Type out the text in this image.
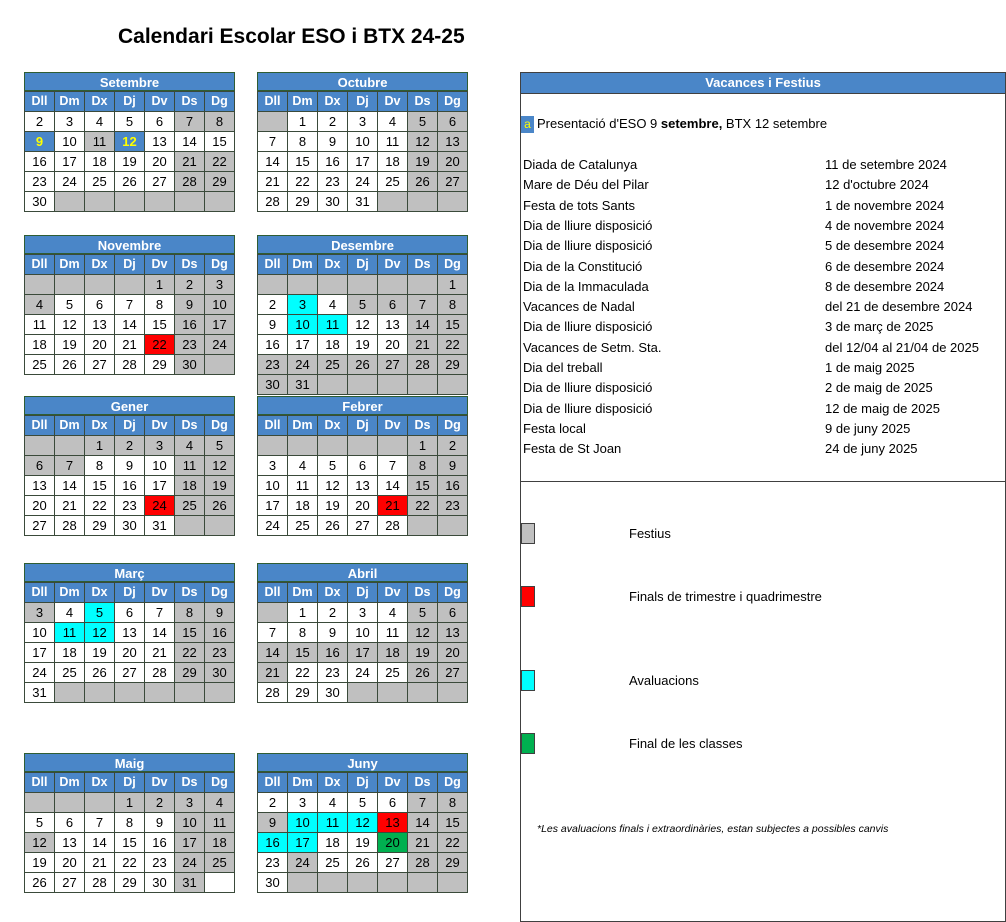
Calendari Escolar ESO i BTX 24-25
Setembre
Dll	Dm	Dx	Dj	Dv	Ds	Dg
2	3	4	5	6	7	8
9	10	11	12	13	14	15
16	17	18	19	20	21	22
23	24	25	26	27	28	29
30						
Octubre
Dll	Dm	Dx	Dj	Dv	Ds	Dg
	1	2	3	4	5	6
7	8	9	10	11	12	13
14	15	16	17	18	19	20
21	22	23	24	25	26	27
28	29	30	31			
Novembre
Dll	Dm	Dx	Dj	Dv	Ds	Dg
				1	2	3
4	5	6	7	8	9	10
11	12	13	14	15	16	17
18	19	20	21	22	23	24
25	26	27	28	29	30	
Desembre
Dll	Dm	Dx	Dj	Dv	Ds	Dg
						1
2	3	4	5	6	7	8
9	10	11	12	13	14	15
16	17	18	19	20	21	22
23	24	25	26	27	28	29
30	31					
Gener
Dll	Dm	Dx	Dj	Dv	Ds	Dg
		1	2	3	4	5
6	7	8	9	10	11	12
13	14	15	16	17	18	19
20	21	22	23	24	25	26
27	28	29	30	31		
Febrer
Dll	Dm	Dx	Dj	Dv	Ds	Dg
					1	2
3	4	5	6	7	8	9
10	11	12	13	14	15	16
17	18	19	20	21	22	23
24	25	26	27	28		
Març
Dll	Dm	Dx	Dj	Dv	Ds	Dg
3	4	5	6	7	8	9
10	11	12	13	14	15	16
17	18	19	20	21	22	23
24	25	26	27	28	29	30
31						
Abril
Dll	Dm	Dx	Dj	Dv	Ds	Dg
	1	2	3	4	5	6
7	8	9	10	11	12	13
14	15	16	17	18	19	20
21	22	23	24	25	26	27
28	29	30				
Maig
Dll	Dm	Dx	Dj	Dv	Ds	Dg
			1	2	3	4
5	6	7	8	9	10	11
12	13	14	15	16	17	18
19	20	21	22	23	24	25
26	27	28	29	30	31	
Juny
Dll	Dm	Dx	Dj	Dv	Ds	Dg
2	3	4	5	6	7	8
9	10	11	12	13	14	15
16	17	18	19	20	21	22
23	24	25	26	27	28	29
30						
Vacances i Festius
a Presentació d'ESO 9 setembre, BTX 12 setembre
Diada de Catalunya	11 de setembre 2024
Mare de Déu del Pilar	12 d'octubre 2024
Festa de tots Sants	1 de novembre 2024
Dia de lliure disposició	4 de novembre 2024
Dia de lliure disposició	5 de desembre 2024
Dia de la Constitució	6 de desembre 2024
Dia de la Immaculada	8 de desembre 2024
Vacances de Nadal	del 21 de desembre 2024
Dia de lliure disposició	3 de març de 2025
Vacances de Setm. Sta.	del 12/04 al 21/04 de 2025
Dia del treball	1 de maig 2025
Dia de lliure disposició	2 de maig de 2025
Dia de lliure disposició	12 de maig de 2025
Festa local	9 de juny 2025
Festa de St Joan	24 de juny 2025
Festius
Finals de trimestre i quadrimestre
Avaluacions
Final de les classes
*Les avaluacions finals i extraordinàries, estan subjectes a possibles canvis
